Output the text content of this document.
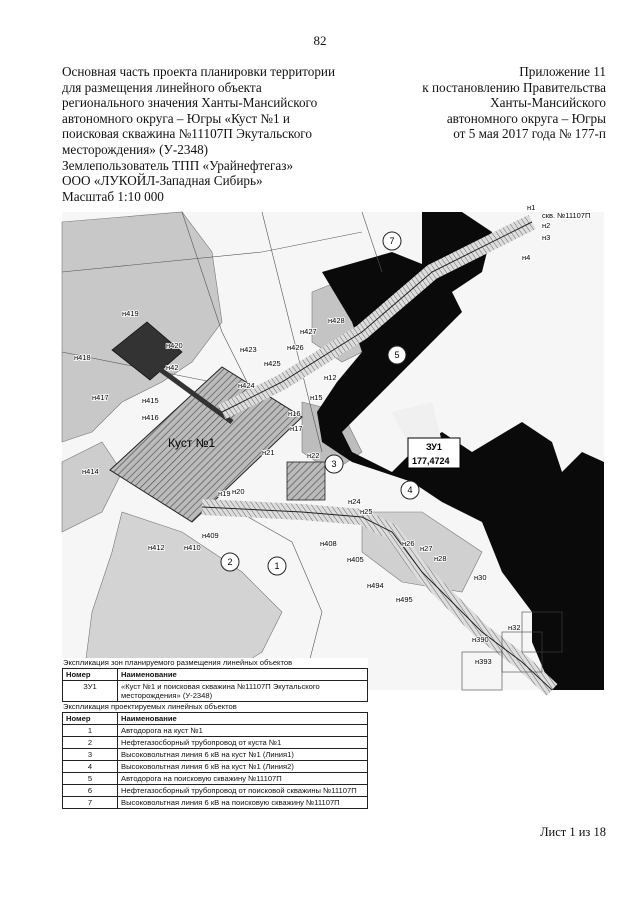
82
Основная часть проекта планировки территории
для размещения линейного объекта
регионального значения Ханты-Мансийского
автономного округа – Югры «Куст №1 и
поисковая скважина №11107П Экутальского
месторождения» (У-2348)
Землепользователь ТПП «Урайнефтегаз»
ООО «ЛУКОЙЛ-Западная Сибирь»
Масштаб 1:10 000
Приложение 11
к постановлению Правительства
Ханты-Мансийского
автономного округа – Югры
от 5 мая 2017 года № 177-п
ЗУ1
177,4724
Куст №1
скв. №11107П
1
2
3
4
5
7
н1
н2
н3
н4
н12
н15
н16
н17
н19 н20
н21	н22
н24
н25
н26
н27
н28
н30
н32
н390
н393
н405
н408
н409
н410
н412
н414
н415
н416
н417
н418
н419
н420	н423
н424
н425
н426
н427
н428
н494
н495
н42
Экспликация зон планируемого размещения линейных объектов
Номер	Наименование
ЗУ1	«Куст №1 и поисковая скважина №11107П Экутальского месторождения» (У-2348)
Экспликация проектируемых линейных объектов
Номер	Наименование
1	Автодорога на куст №1
2	Нефтегазосборный трубопровод от куста №1
3	Высоковольтная линия 6 кВ на куст №1 (Линия1)
4	Высоковольтная линия 6 кВ на куст №1 (Линия2)
5	Автодорога на поисковую скважину №11107П
6	Нефтегазосборный трубопровод от поисковой скважины №11107П
7	Высоковольтная линия 6 кВ на поисковую скважину №11107П
Лист 1 из 18
